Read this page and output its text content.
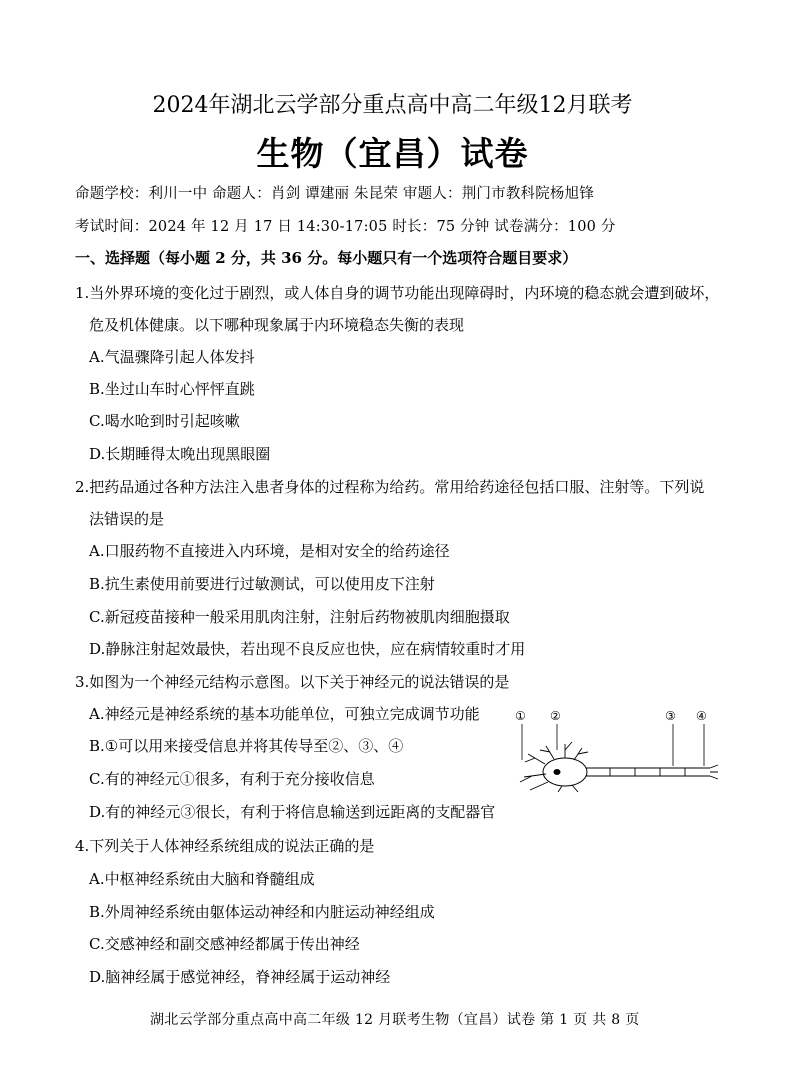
2024年湖北云学部分重点高中高二年级12月联考
生物（宜昌）试卷
命题学校：利川一中 命题人：肖剑 谭建丽 朱昆荣 审题人：荆门市教科院杨旭锋
考试时间：2024 年 12 月 17 日 14:30-17:05 时长：75 分钟 试卷满分：100 分
一、选择题（每小题 2 分，共 36 分。每小题只有一个选项符合题目要求）
1.当外界环境的变化过于剧烈，或人体自身的调节功能出现障碍时，内环境的稳态就会遭到破坏，
危及机体健康。以下哪种现象属于内环境稳态失衡的表现
A.气温骤降引起人体发抖
B.坐过山车时心怦怦直跳
C.喝水呛到时引起咳嗽
D.长期睡得太晚出现黑眼圈
2.把药品通过各种方法注入患者身体的过程称为给药。常用给药途径包括口服、注射等。下列说
法错误的是
A.口服药物不直接进入内环境，是相对安全的给药途径
B.抗生素使用前要进行过敏测试，可以使用皮下注射
C.新冠疫苗接种一般采用肌肉注射，注射后药物被肌肉细胞摄取
D.静脉注射起效最快，若出现不良反应也快，应在病情较重时才用
3.如图为一个神经元结构示意图。以下关于神经元的说法错误的是
A.神经元是神经系统的基本功能单位，可独立完成调节功能
B.①可以用来接受信息并将其传导至②、③、④
C.有的神经元①很多，有利于充分接收信息
D.有的神经元③很长，有利于将信息输送到远距离的支配器官
① ②	③ ④
4.下列关于人体神经系统组成的说法正确的是
A.中枢神经系统由大脑和脊髓组成
B.外周神经系统由躯体运动神经和内脏运动神经组成
C.交感神经和副交感神经都属于传出神经
D.脑神经属于感觉神经，脊神经属于运动神经
湖北云学部分重点高中高二年级 12 月联考生物（宜昌）试卷 第 1 页 共 8 页
